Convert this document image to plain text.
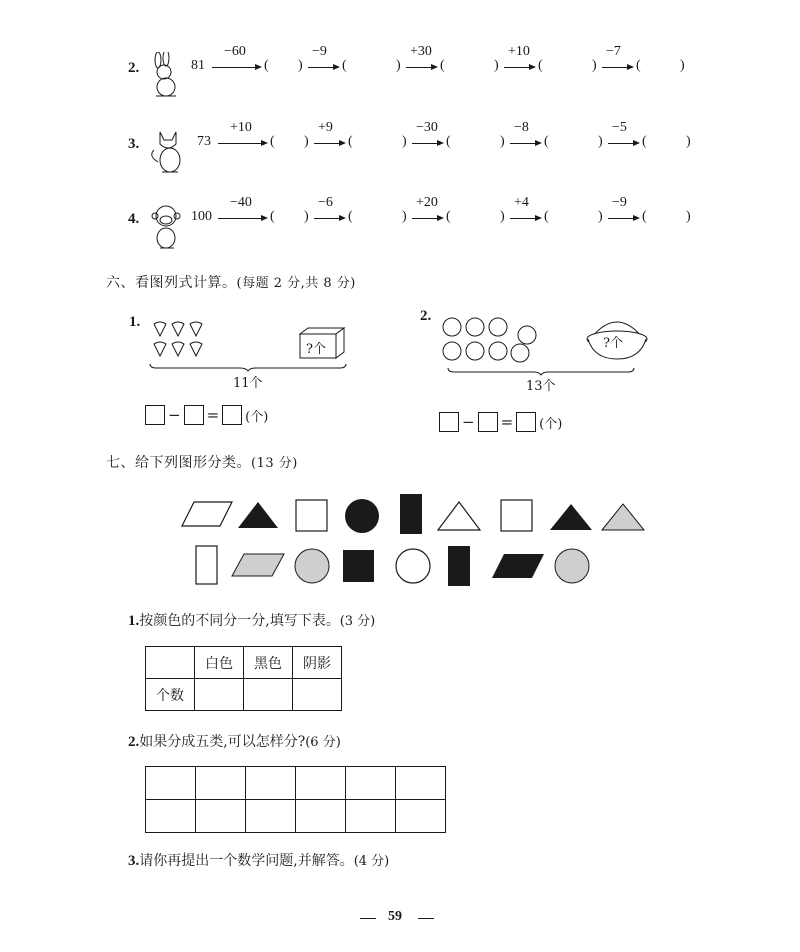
2.	81
−60
( )
−9
(	)
+30
(	)
+10
(	)
−7
(	)
3.	73
+10
( )
+9
(	)
−30
(	)
−8
(	)
−5
(	)
4.	100
−40
( )
−6
(	)
+20
(	)
+4
(	)
−9
(	)
六、看图列式计算。(每题 2 分,共 8 分)
1.
?个
11个
− = (个)
2.
?个
13个
− = (个)
七、给下列图形分类。(13 分)
1.按颜色的不同分一分,填写下表。(3 分)
	白色	黑色	阴影
个数			
2.如果分成五类,可以怎样分?(6 分)

3.请你再提出一个数学问题,并解答。(4 分)
59
